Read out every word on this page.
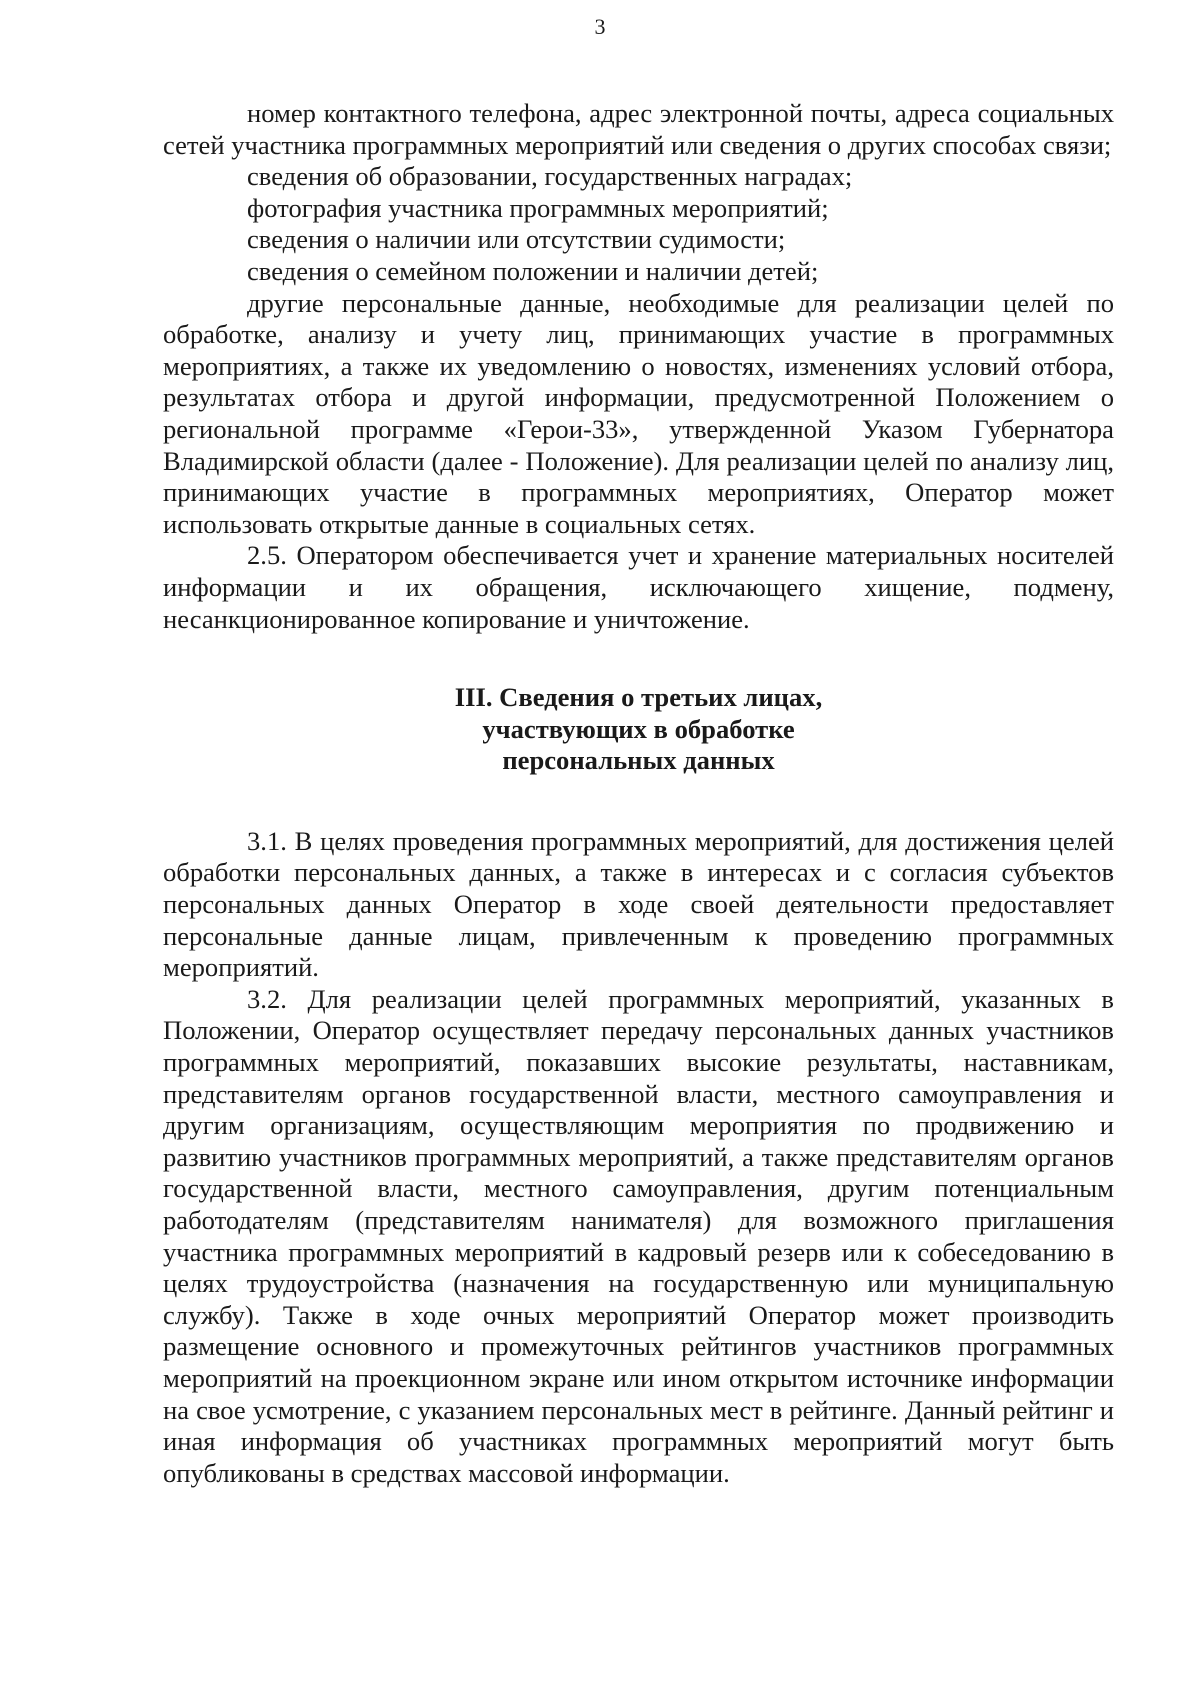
3

номер контактного телефона, адрес электронной почты, адреса социальных сетей участника программных мероприятий или сведения о других способах связи;

сведения об образовании, государственных наградах;

фотография участника программных мероприятий;

сведения о наличии или отсутствии судимости;

сведения о семейном положении и наличии детей;

другие персональные данные, необходимые для реализации целей по обработке, анализу и учету лиц, принимающих участие в программных мероприятиях, а также их уведомлению о новостях, изменениях условий отбора, результатах отбора и другой информации, предусмотренной Положением о региональной программе «Герои-33», утвержденной Указом Губернатора Владимирской области (далее - Положение). Для реализации целей по анализу лиц, принимающих участие в программных мероприятиях, Оператор может использовать открытые данные в социальных сетях.

2.5. Оператором обеспечивается учет и хранение материальных носителей информации и их обращения, исключающего хищение, подмену, несанкционированное копирование и уничтожение.

III. Сведения о третьих лицах,
участвующих в обработке
персональных данных

3.1. В целях проведения программных мероприятий, для достижения целей обработки персональных данных, а также в интересах и с согласия субъектов персональных данных Оператор в ходе своей деятельности предоставляет персональные данные лицам, привлеченным к проведению программных мероприятий.

3.2. Для реализации целей программных мероприятий, указанных в Положении, Оператор осуществляет передачу персональных данных участников программных мероприятий, показавших высокие результаты, наставникам, представителям органов государственной власти, местного самоуправления и другим организациям, осуществляющим мероприятия по продвижению и развитию участников программных мероприятий, а также представителям органов государственной власти, местного самоуправления, другим потенциальным работодателям (представителям нанимателя) для возможного приглашения участника программных мероприятий в кадровый резерв или к собеседованию в целях трудоустройства (назначения на государственную или муниципальную службу). Также в ходе очных мероприятий Оператор может производить размещение основного и промежуточных рейтингов участников программных мероприятий на проекционном экране или ином открытом источнике информации на свое усмотрение, с указанием персональных мест в рейтинге. Данный рейтинг и иная информация об участниках программных мероприятий могут быть опубликованы в средствах массовой информации.
